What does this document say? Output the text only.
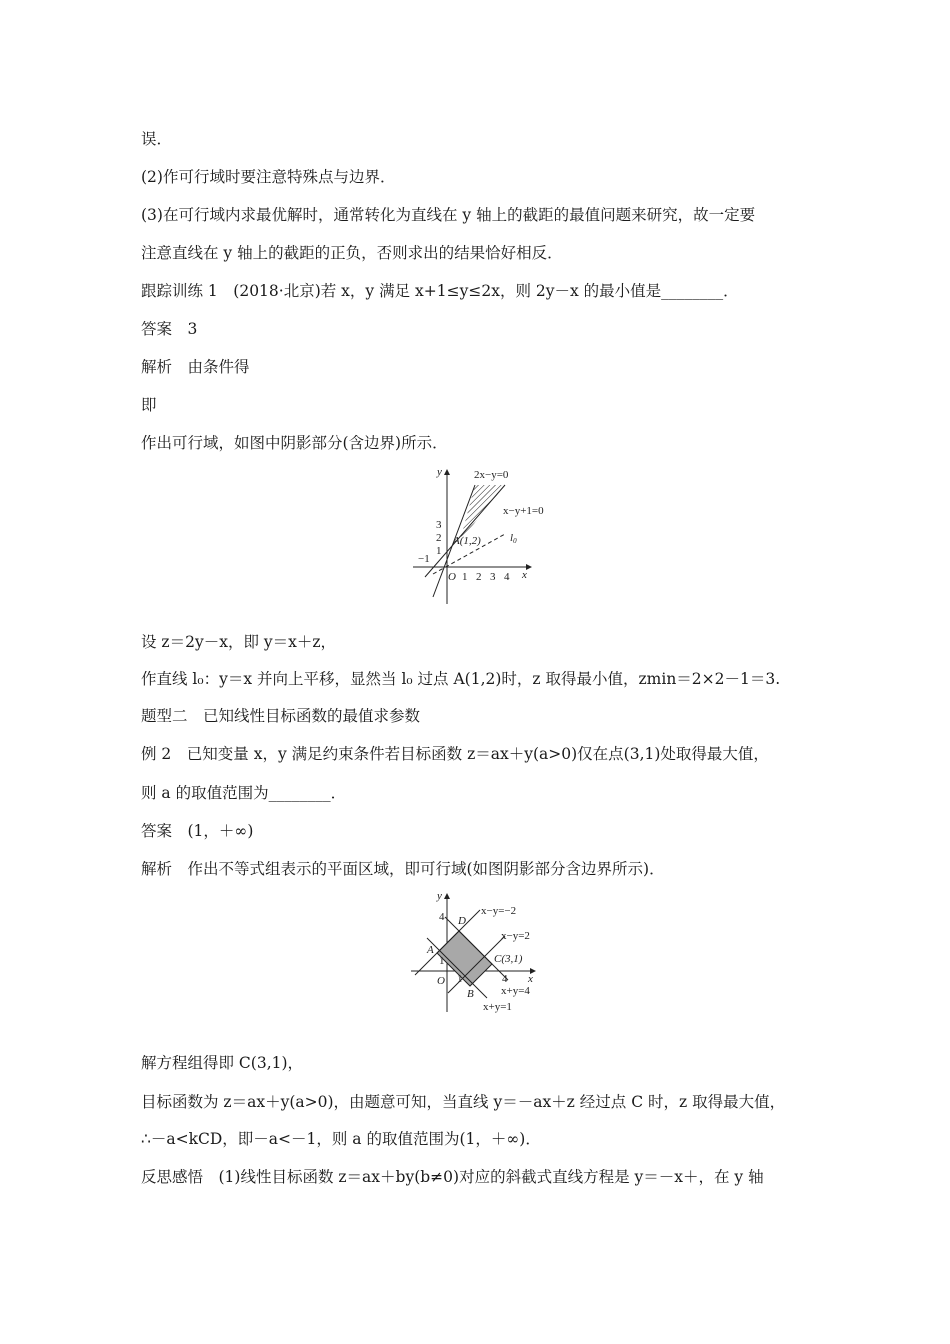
误．
(2)作可行域时要注意特殊点与边界．
(3)在可行域内求最优解时，通常转化为直线在 y 轴上的截距的最值问题来研究，故一定要
注意直线在 y 轴上的截距的正负，否则求出的结果恰好相反．
跟踪训练 1　(2018·北京)若 x，y 满足 x+1≤y≤2x，则 2y－x 的最小值是________．
答案　3
解析　由条件得
即
作出可行域，如图中阴影部分(含边界)所示．
y
x
2x−y=0
x−y+1=0
A(1,2)	l0
3
2
1
−1
O 1 2 3 4
设 z＝2y－x，即 y＝x＋z，
作直线 l₀：y＝x 并向上平移，显然当 l₀ 过点 A(1,2)时，z 取得最小值，zmin＝2×2－1＝3.
题型二　已知线性目标函数的最值求参数
例 2　已知变量 x，y 满足约束条件若目标函数 z＝ax＋y(a>0)仅在点(3,1)处取得最大值，
则 a 的取值范围为________．
答案　(1，＋∞)
解析　作出不等式组表示的平面区域，即可行域(如图阴影部分含边界所示)．
y
x
x−y=−2
x−y=2
x+y=4
x+y=1
A
B
C(3,1)
D
O
4
1
1	4
解方程组得即 C(3,1)，
目标函数为 z＝ax＋y(a>0)，由题意可知，当直线 y＝－ax＋z 经过点 C 时，z 取得最大值，
∴－a<kCD，即－a<－1，则 a 的取值范围为(1，＋∞)．
反思感悟　(1)线性目标函数 z＝ax＋by(b≠0)对应的斜截式直线方程是 y＝－x＋，在 y 轴
